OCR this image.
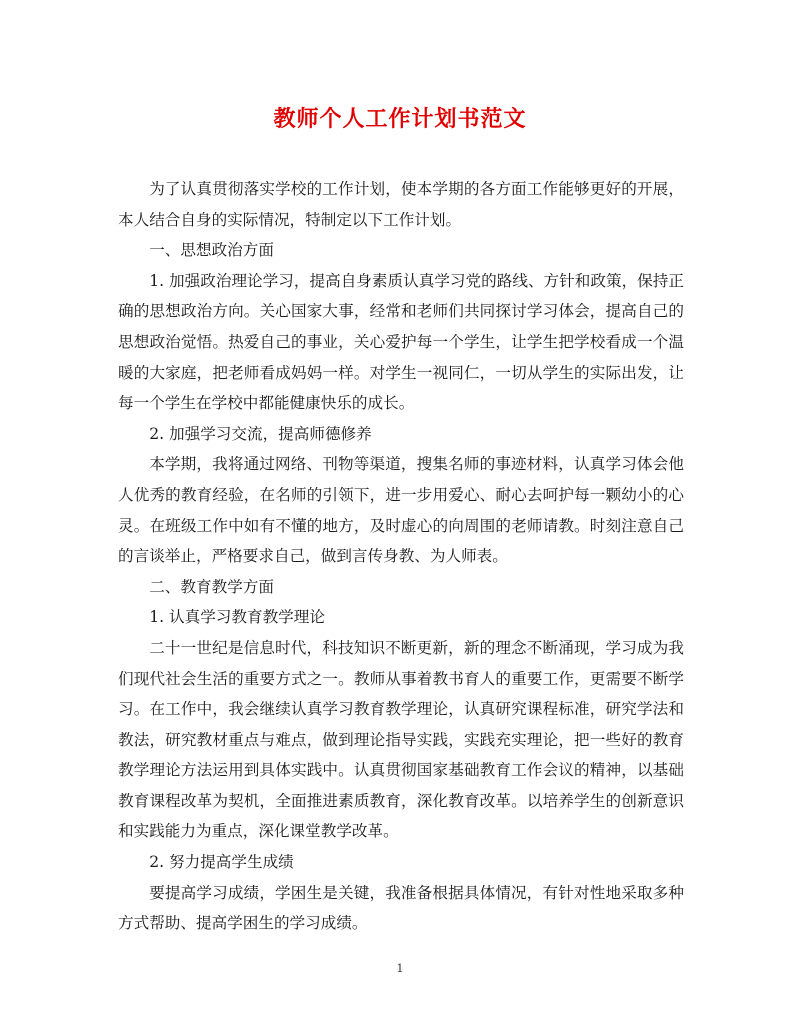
教师个人工作计划书范文

为了认真贯彻落实学校的工作计划，使本学期的各方面工作能够更好的开展，本人结合自身的实际情况，特制定以下工作计划。

一、思想政治方面

1. 加强政治理论学习，提高自身素质认真学习党的路线、方针和政策，保持正确的思想政治方向。关心国家大事，经常和老师们共同探讨学习体会，提高自己的思想政治觉悟。热爱自己的事业，关心爱护每一个学生，让学生把学校看成一个温暖的大家庭，把老师看成妈妈一样。对学生一视同仁，一切从学生的实际出发，让每一个学生在学校中都能健康快乐的成长。

2. 加强学习交流，提高师德修养

本学期，我将通过网络、刊物等渠道，搜集名师的事迹材料，认真学习体会他人优秀的教育经验，在名师的引领下，进一步用爱心、耐心去呵护每一颗幼小的心灵。在班级工作中如有不懂的地方，及时虚心的向周围的老师请教。时刻注意自己的言谈举止，严格要求自己，做到言传身教、为人师表。

二、教育教学方面

1. 认真学习教育教学理论

二十一世纪是信息时代，科技知识不断更新，新的理念不断涌现，学习成为我们现代社会生活的重要方式之一。教师从事着教书育人的重要工作，更需要不断学习。在工作中，我会继续认真学习教育教学理论，认真研究课程标准，研究学法和教法，研究教材重点与难点，做到理论指导实践，实践充实理论，把一些好的教育教学理论方法运用到具体实践中。认真贯彻国家基础教育工作会议的精神，以基础教育课程改革为契机，全面推进素质教育，深化教育改革。以培养学生的创新意识和实践能力为重点，深化课堂教学改革。

2. 努力提高学生成绩

要提高学习成绩，学困生是关键，我准备根据具体情况，有针对性地采取多种方式帮助、提高学困生的学习成绩。

1
